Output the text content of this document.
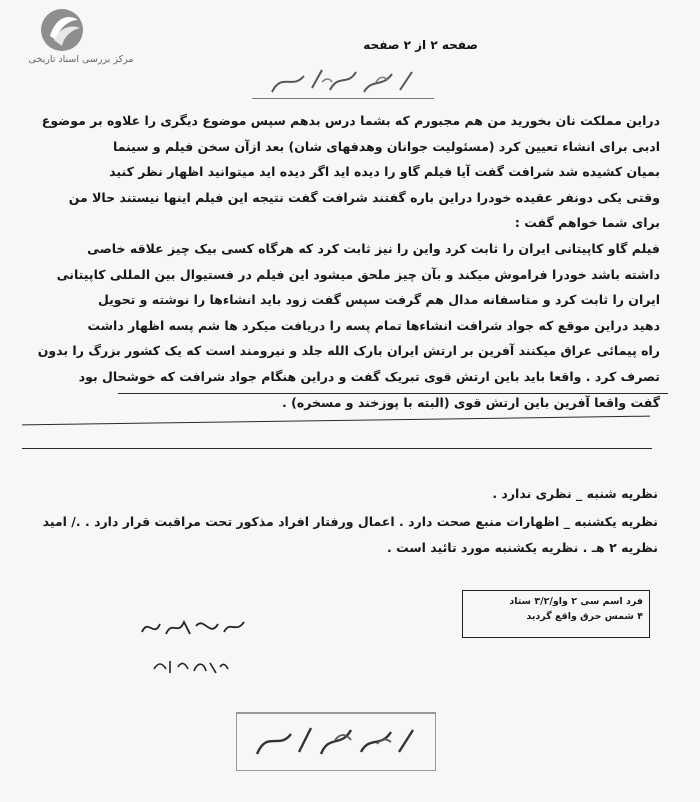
مرکز بررسی اسناد تاریخی
صفحه ۲ از ۲ صفحه

دراین مملکت نان بخورید من هم مجبورم که بشما درس بدهم سپس موضوع دیگری را علاوه بر موضوع

ادبی برای انشاء تعیین کرد (مسئولیت جوانان وهدفهای شان) بعد ازآن سخن فیلم و سینما

بمیان کشیده شد شرافت گفت آیا فیلم گاو را دیده اید اگر دیده اید میتوانید اظهار نظر کنید

وقتی یکی دونفر عقیده خودرا دراین باره گفتند شرافت گفت نتیجه این فیلم اینها نیستند حالا من

برای شما خواهم گفت :

فیلم گاو کاپیتانی ایران را ثابت کرد واین را نیز ثابت کرد که هرگاه کسی بیک چیز علاقه خاصی

داشته باشد خودرا فراموش میکند و بآن چیز ملحق میشود این فیلم در فستیوال بین المللی کاپیتانی

ایران را ثابت کرد و متاسفانه مدال هم گرفت سپس گفت زود باید انشاءها را نوشته و تحویل

دهید دراین موقع که جواد شرافت انشاءها تمام پسه را دریافت میکرد ها شم پسه اظهار داشت

راه پیمائی عراق میکنند آفرین بر ارتش ایران بارک الله جلد و نیرومند است که یک کشور بزرگ را بدون

تصرف کرد . واقعا باید باین ارتش قوی تبریک گفت و دراین هنگام جواد شرافت که خوشحال بود

گفت واقعا آفرین باین ارتش قوی (البته با پوزخند و مسخره) .

نظریه شنبه _ نظری ندارد .
نظریه یکشنبه _ اظهارات منبع صحت دارد . اعمال ورفتار افراد مذکور تحت مراقبت قرار دارد . ./ امید
نظریه ۲ هـ . نظریه یکشنبه مورد تائید است .
فرد اسم سی ۲ واو/۳/۲ ستاد
۴ شمس حرق واقع گردید
